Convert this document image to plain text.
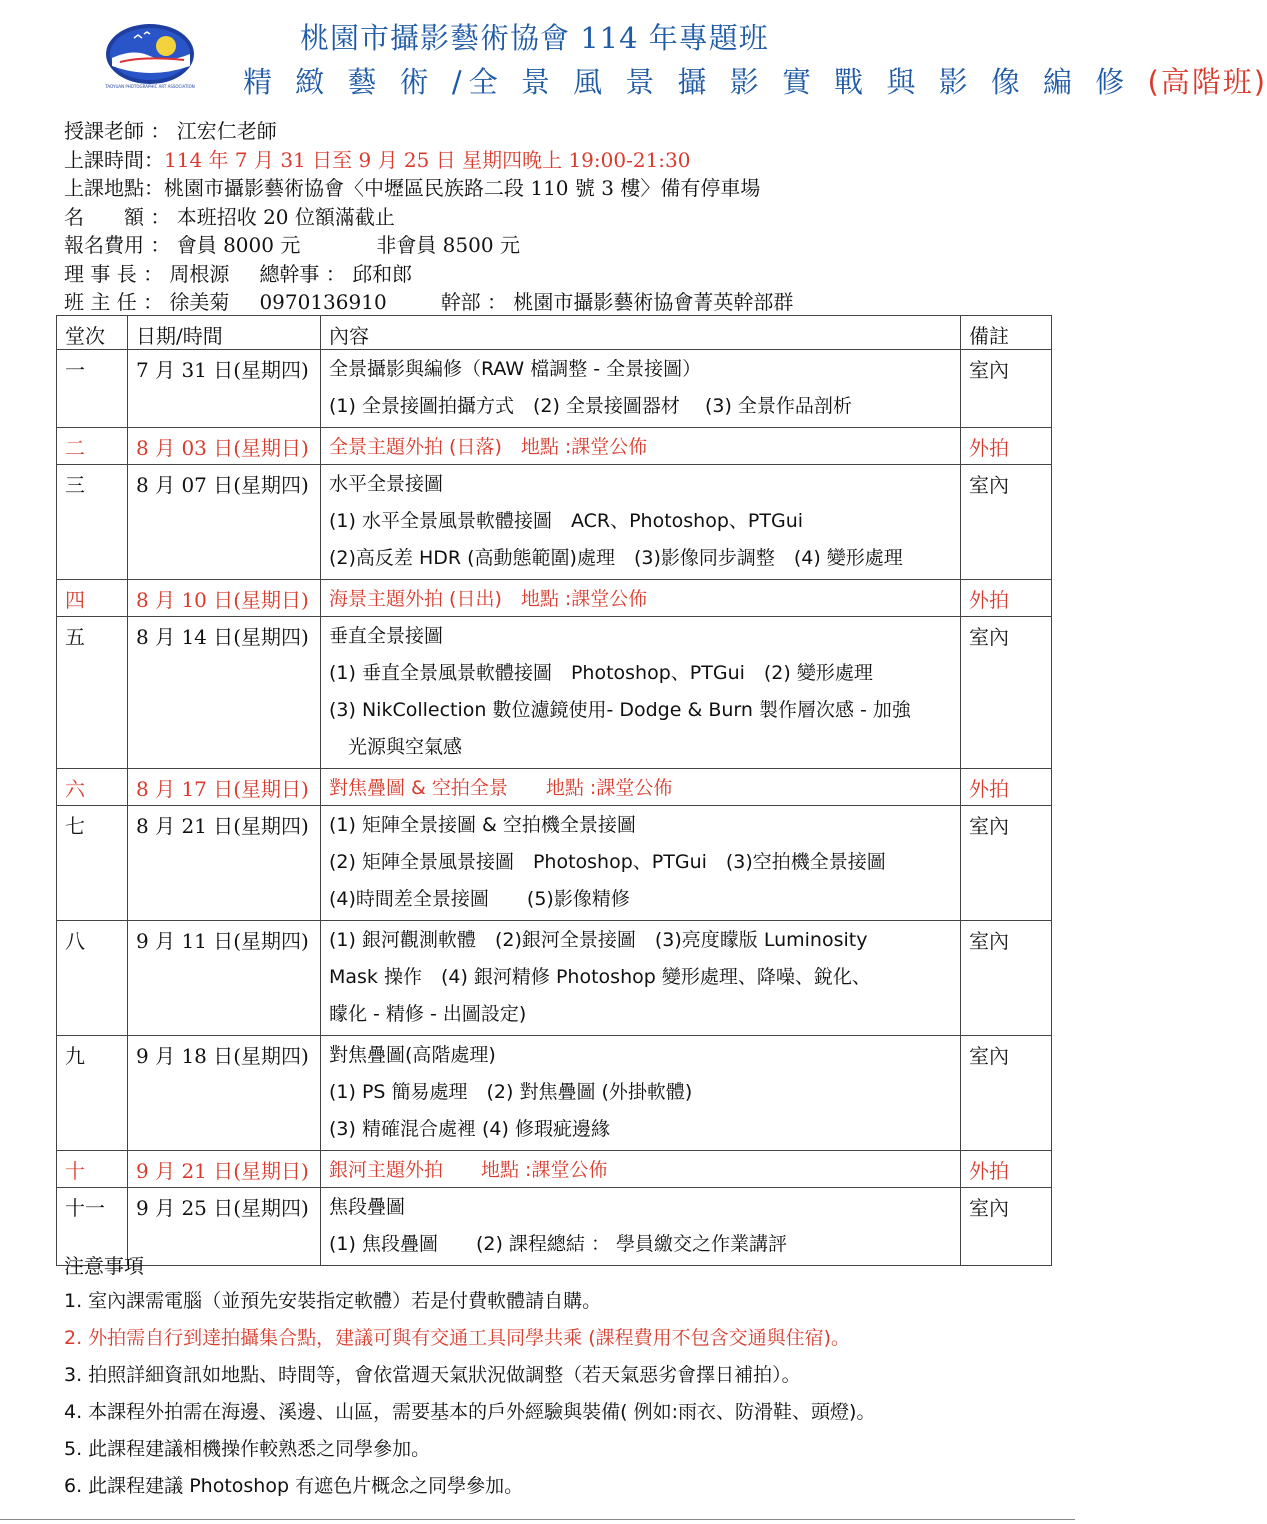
TAOYUAN PHOTOGRAPHIC ART ASSOCIATION
桃園市攝影藝術協會 114 年專題班
精 緻 藝 術 /全 景 風 景 攝 影 實 戰 與 影 像 編 修 (高階班)
授課老師 ： 江宏仁老師
上課時間：114 年 7 月 31 日至 9 月 25 日 星期四晚上 19:00-21:30
上課地點：桃園市攝影藝術協會〈中壢區民族路二段 110 號 3 樓〉備有停車場
名　　額 ： 本班招收 20 位額滿截止
報名費用 ： 會員 8000 元	非會員 8500 元
理 事 長 ： 周根源 總幹事 ： 邱和郎
班 主 任 ： 徐美菊 0970136910	幹部 ： 桃園市攝影藝術協會菁英幹部群
堂次	日期/時間	內容	備註
一	7 月 31 日(星期四)	全景攝影與編修（RAW 檔調整 - 全景接圖）
(1) 全景接圖拍攝方式　(2) 全景接圖器材　 (3) 全景作品剖析	室內
二	8 月 03 日(星期日)	全景主題外拍 (日落)　地點 :課堂公佈	外拍
三	8 月 07 日(星期四)	水平全景接圖
(1) 水平全景風景軟體接圖　ACR、Photoshop、PTGui
(2)高反差 HDR (高動態範圍)處理　(3)影像同步調整　(4) 變形處理	室內
四	8 月 10 日(星期日)	海景主題外拍 (日出)　地點 :課堂公佈	外拍
五	8 月 14 日(星期四)	垂直全景接圖
(1) 垂直全景風景軟體接圖　Photoshop、PTGui　(2) 變形處理
(3) NikCollection 數位濾鏡使用- Dodge & Burn 製作層次感 - 加強
　光源與空氣感	室內
六	8 月 17 日(星期日)	對焦疊圖 & 空拍全景　　地點 :課堂公佈	外拍
七	8 月 21 日(星期四)	(1) 矩陣全景接圖 & 空拍機全景接圖
(2) 矩陣全景風景接圖　Photoshop、PTGui　(3)空拍機全景接圖
(4)時間差全景接圖　　(5)影像精修	室內
八	9 月 11 日(星期四)	(1) 銀河觀測軟體　(2)銀河全景接圖　(3)亮度矇版 Luminosity
Mask 操作　(4) 銀河精修 Photoshop 變形處理、降噪、銳化、
矇化 - 精修 - 出圖設定)	室內
九	9 月 18 日(星期四)	對焦疊圖(高階處理)
(1) PS 簡易處理　(2) 對焦疊圖 (外掛軟體)
(3) 精確混合處裡 (4) 修瑕疵邊緣	室內
十	9 月 21 日(星期日)	銀河主題外拍　　地點 :課堂公佈	外拍
十一	9 月 25 日(星期四)	焦段疊圖
(1) 焦段疊圖　　(2) 課程總結 ： 學員繳交之作業講評	室內
注意事項
1. 室內課需電腦（並預先安裝指定軟體）若是付費軟體請自購。
2. 外拍需自行到達拍攝集合點，建議可與有交通工具同學共乘 (課程費用不包含交通與住宿)。
3. 拍照詳細資訊如地點、時間等，會依當週天氣狀況做調整（若天氣惡劣會擇日補拍）。
4. 本課程外拍需在海邊、溪邊、山區，需要基本的戶外經驗與裝備( 例如:雨衣、防滑鞋、頭燈)。
5. 此課程建議相機操作較熟悉之同學參加。
6. 此課程建議 Photoshop 有遮色片概念之同學參加。
